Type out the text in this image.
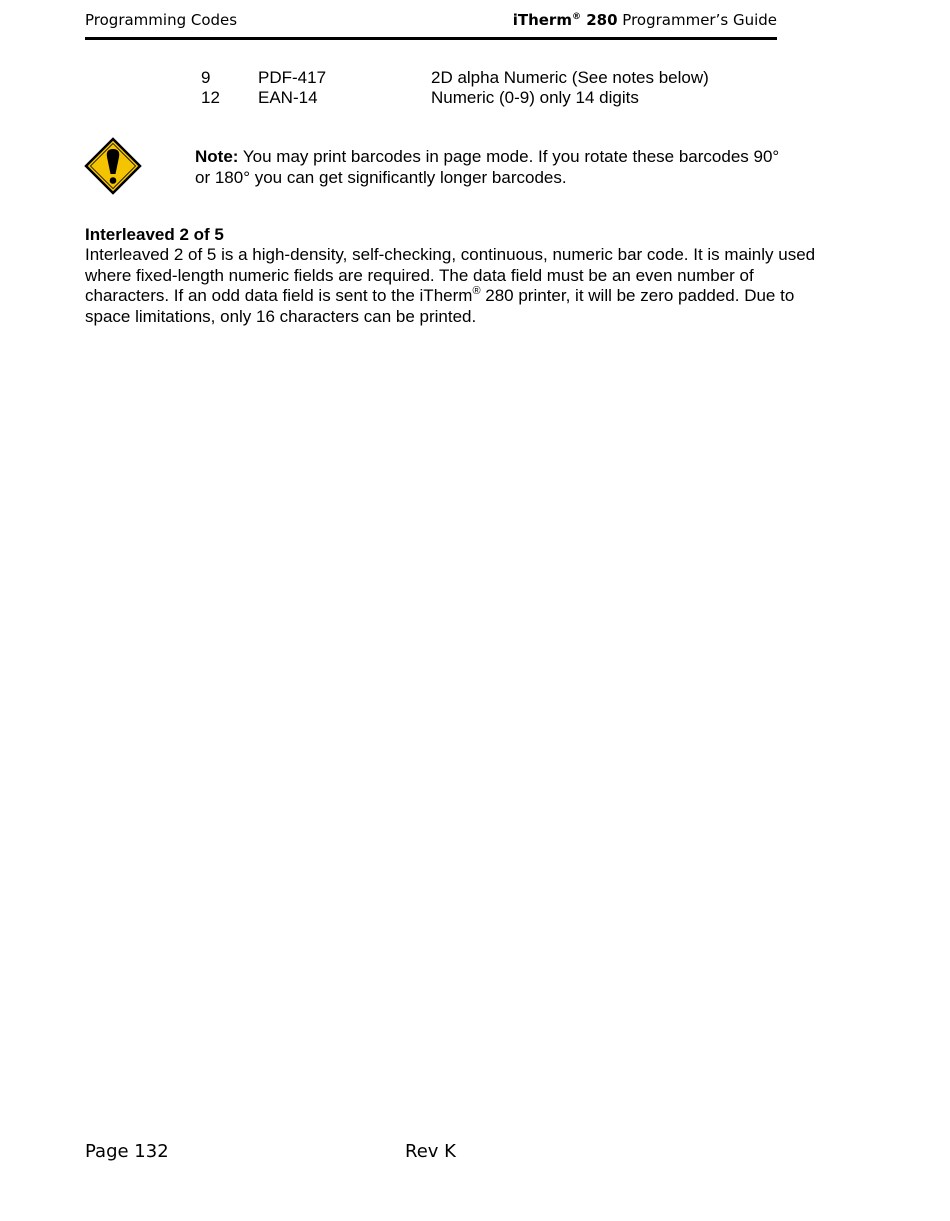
Programming Codes	iTherm® 280 Programmer’s Guide
9	PDF-417	2D alpha Numeric (See notes below)
12 EAN-14	Numeric (0-9) only 14 digits
Note: You may print barcodes in page mode. If you rotate these barcodes 90° or 180° you can get significantly longer barcodes.

Interleaved 2 of 5

Interleaved 2 of 5 is a high-density, self-checking, continuous, numeric bar code. It is mainly used where fixed-length numeric fields are required. The data field must be an even number of characters. If an odd data field is sent to the iTherm® 280 printer, it will be zero padded. Due to space limitations, only 16 characters can be printed.

Page 132	Rev K
